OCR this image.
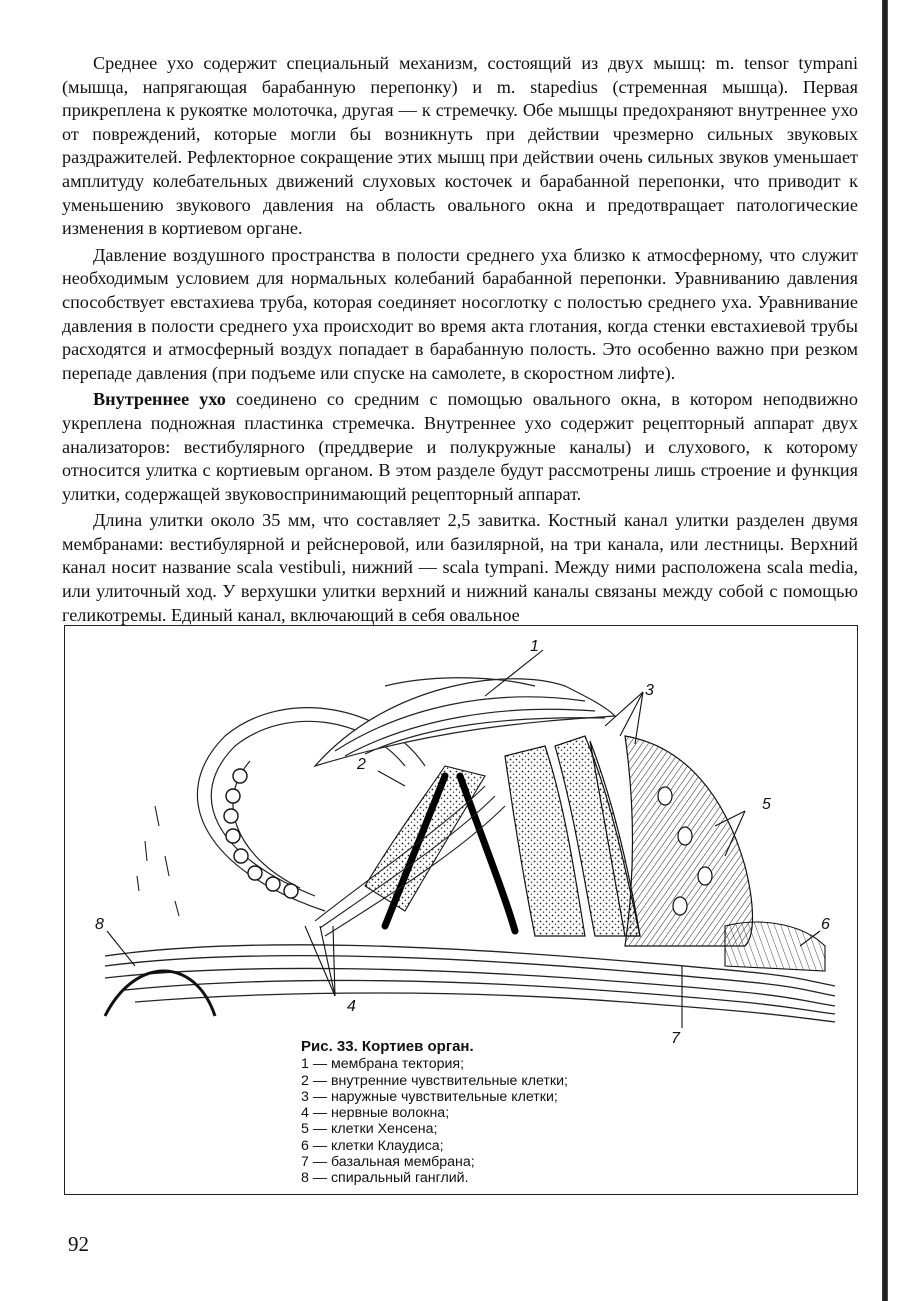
Среднее ухо содержит специальный механизм, состоящий из двух мышц: m. tensor tympani (мышца, напрягающая барабанную перепонку) и m. stapedius (стременная мышца). Первая прикреплена к рукоятке молоточка, другая — к стремечку. Обе мышцы предохраняют внутреннее ухо от повреждений, которые могли бы возникнуть при действии чрезмерно сильных звуковых раздражителей. Рефлекторное сокращение этих мышц при действии очень сильных звуков уменьшает амплитуду колебательных движений слуховых косточек и барабанной перепонки, что приводит к уменьшению звукового давления на область овального окна и предотвращает патологические изменения в кортиевом органе.

Давление воздушного пространства в полости среднего уха близко к атмосферному, что служит необходимым условием для нормальных колебаний барабанной перепонки. Уравниванию давления способствует евстахиева труба, которая соединяет носоглотку с полостью среднего уха. Уравнивание давления в полости среднего уха происходит во время акта глотания, когда стенки евстахиевой трубы расходятся и атмосферный воздух попадает в барабанную полость. Это особенно важно при резком перепаде давления (при подъеме или спуске на самолете, в скоростном лифте).

Внутреннее ухо соединено со средним с помощью овального окна, в котором неподвижно укреплена подножная пластинка стремечка. Внутреннее ухо содержит рецепторный аппарат двух анализаторов: вестибулярного (преддверие и полукружные каналы) и слухового, к которому относится улитка с кортиевым органом. В этом разделе будут рассмотрены лишь строение и функция улитки, содержащей звуковоспринимающий рецепторный аппарат.

Длина улитки около 35 мм, что составляет 2,5 завитка. Костный канал улитки разделен двумя мембранами: вестибулярной и рейснеровой, или базилярной, на три канала, или лестницы. Верхний канал носит название scala vestibuli, нижний — scala tympani. Между ними расположена scala media, или улиточный ход. У верхушки улитки верхний и нижний каналы связаны между собой с помощью геликотремы. Единый канал, включающий в себя овальное

1
3
2
5
6
8
4
7
Рис. 33. Кортиев орган.
1 — мембрана тектория;
2 — внутренние чувствительные клетки;
3 — наружные чувствительные клетки;
4 — нервные волокна;
5 — клетки Хенсена;
6 — клетки Клаудиса;
7 — базальная мембрана;
8 — спиральный ганглий.
92
